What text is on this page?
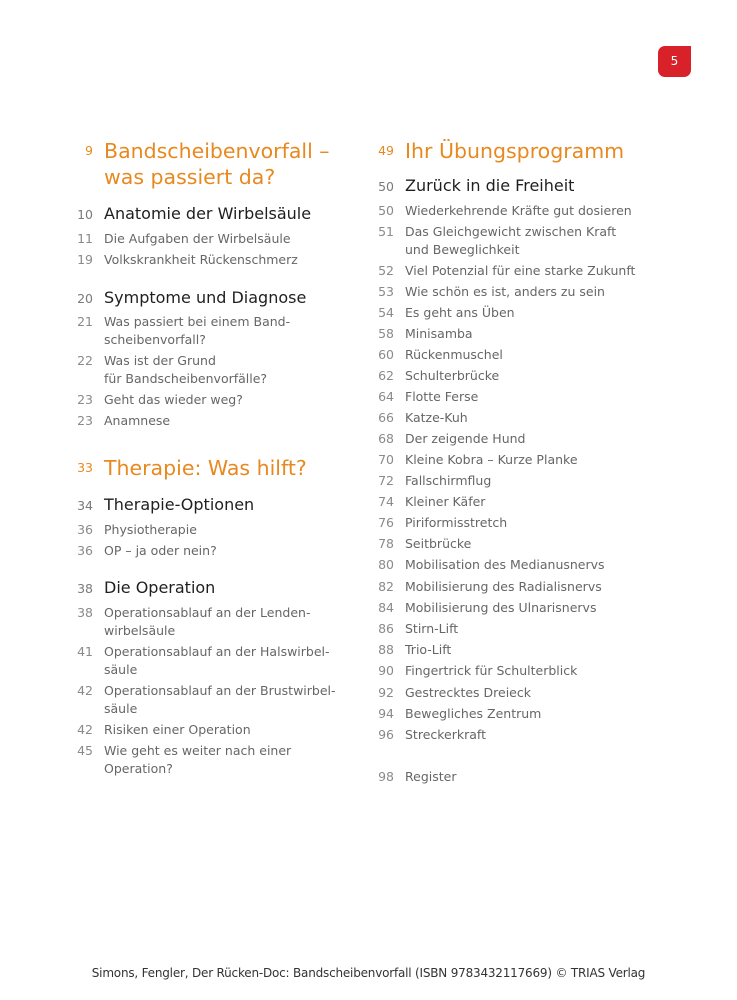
5
9 Bandscheibenvorfall –
was passiert da?
10 Anatomie der Wirbelsäule
11 Die Aufgaben der Wirbelsäule
19 Volkskrankheit Rückenschmerz
20 Symptome und Diagnose
21 Was passiert bei einem Band-
scheibenvorfall?
22 Was ist der Grund
für Bandscheibenvorfälle?
23 Geht das wieder weg?
23 Anamnese
33 Therapie: Was hilft?
34 Therapie-Optionen
36 Physiotherapie
36 OP – ja oder nein?
38 Die Operation
38 Operationsablauf an der Lenden-
wirbelsäule
41 Operationsablauf an der Halswirbel-
säule
42 Operationsablauf an der Brustwirbel-
säule
42 Risiken einer Operation
45 Wie geht es weiter nach einer
Operation?
49 Ihr Übungsprogramm
50 Zurück in die Freiheit
50 Wiederkehrende Kräfte gut dosieren
51 Das Gleichgewicht zwischen Kraft
und Beweglichkeit
52 Viel Potenzial für eine starke Zukunft
53 Wie schön es ist, anders zu sein
54 Es geht ans Üben
58 Minisamba
60 Rückenmuschel
62 Schulterbrücke
64 Flotte Ferse
66 Katze-Kuh
68 Der zeigende Hund
70 Kleine Kobra – Kurze Planke
72 Fallschirmflug
74 Kleiner Käfer
76 Piriformisstretch
78 Seitbrücke
80 Mobilisation des Medianusnervs
82 Mobilisierung des Radialisnervs
84 Mobilisierung des Ulnarisnervs
86 Stirn-Lift
88 Trio-Lift
90 Fingertrick für Schulterblick
92 Gestrecktes Dreieck
94 Bewegliches Zentrum
96 Streckerkraft
98 Register
Simons, Fengler, Der Rücken-Doc: Bandscheibenvorfall (ISBN 9783432117669) © TRIAS Verlag
